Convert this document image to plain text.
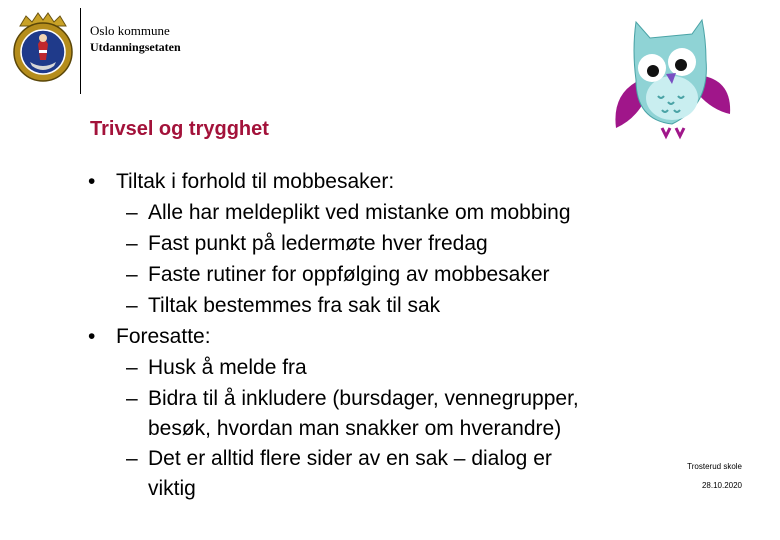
Oslo kommune
Utdanningsetaten
Trivsel og trygghet
• Tiltak i forhold til mobbesaker:
– Alle har meldeplikt ved mistanke om mobbing
– Fast punkt på ledermøte hver fredag
– Faste rutiner for oppfølging av mobbesaker
– Tiltak bestemmes fra sak til sak
• Foresatte:
– Husk å melde fra
– Bidra til å inkludere (bursdager, vennegrupper,
besøk, hvordan man snakker om hverandre)
– Det er alltid flere sider av en sak – dialog er
viktig
Trosterud skole
28.10.2020
